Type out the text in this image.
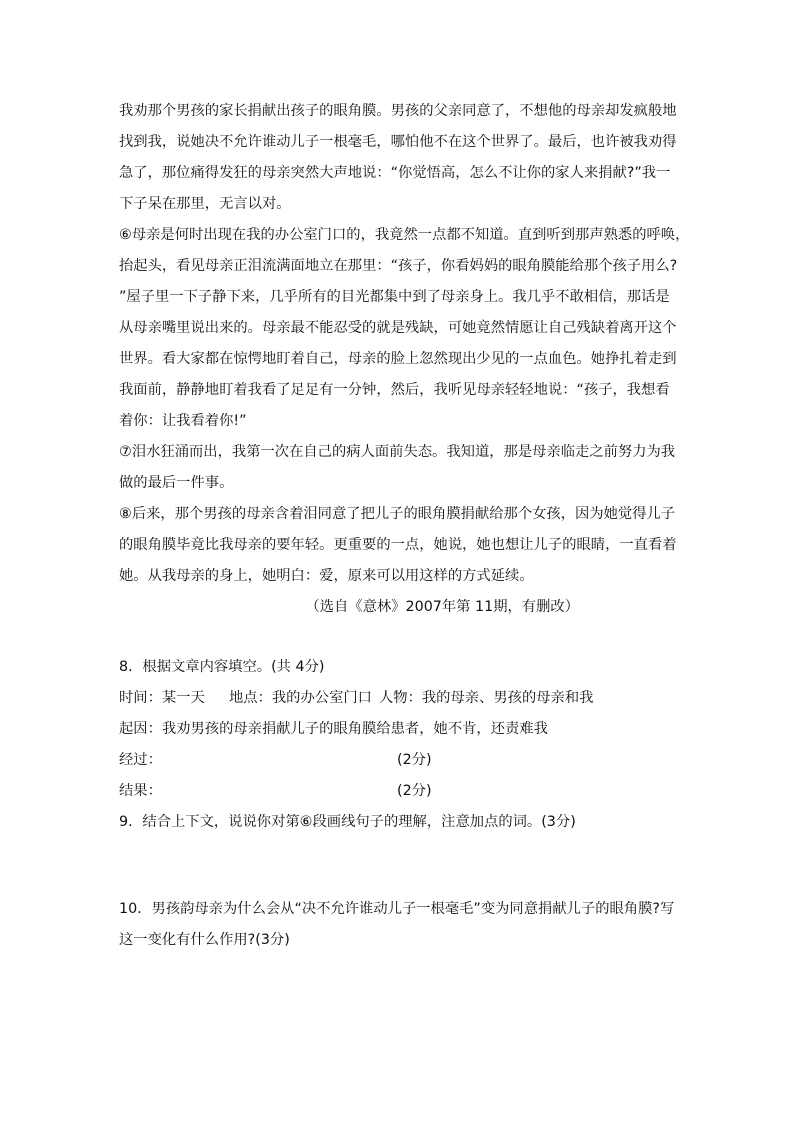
我劝那个男孩的家长捐献出孩子的眼角膜。男孩的父亲同意了，不想他的母亲却发疯般地
找到我，说她决不允许谁动儿子一根毫毛，哪怕他不在这个世界了。最后，也许被我劝得
急了，那位痛得发狂的母亲突然大声地说：“你觉悟高，怎么不让你的家人来捐献?”我一
下子呆在那里，无言以对。
⑥母亲是何时出现在我的办公室门口的，我竟然一点都不知道。直到听到那声熟悉的呼唤，
抬起头，看见母亲正泪流满面地立在那里：“孩子，你看妈妈的眼角膜能给那个孩子用么?
”屋子里一下子静下来，几乎所有的目光都集中到了母亲身上。我几乎不敢相信，那话是
从母亲嘴里说出来的。母亲最不能忍受的就是残缺，可她竟然情愿让自己残缺着离开这个
世界。看大家都在惊愕地盯着自己，母亲的脸上忽然现出少见的一点血色。她挣扎着走到
我面前，静静地盯着我看了足足有一分钟，然后，我听见母亲轻轻地说：“孩子，我想看
着你：让我看着你!”
⑦泪水狂涌而出，我第一次在自己的病人面前失态。我知道，那是母亲临走之前努力为我
做的最后一件事。
⑧后来，那个男孩的母亲含着泪同意了把儿子的眼角膜捐献给那个女孩，因为她觉得儿子
的眼角膜毕竟比我母亲的要年轻。更重要的一点，她说，她也想让儿子的眼睛，一直看着
她。从我母亲的身上，她明白：爱，原来可以用这样的方式延续。
（选自《意林》2007年第 11期，有删改）
8．根据文章内容填空。(共 4分)
时间：某一天	地点：我的办公室门口 人物：我的母亲、男孩的母亲和我
起因：我劝男孩的母亲捐献儿子的眼角膜给患者，她不肯，还责难我
经过：	(2分)
结果：	(2分)
9．结合上下文，说说你对第⑥段画线句子的理解，注意加点的词。(3分)
10．男孩韵母亲为什么会从“决不允许谁动儿子一根毫毛”变为同意捐献儿子的眼角膜?写
这一变化有什么作用?(3分)
